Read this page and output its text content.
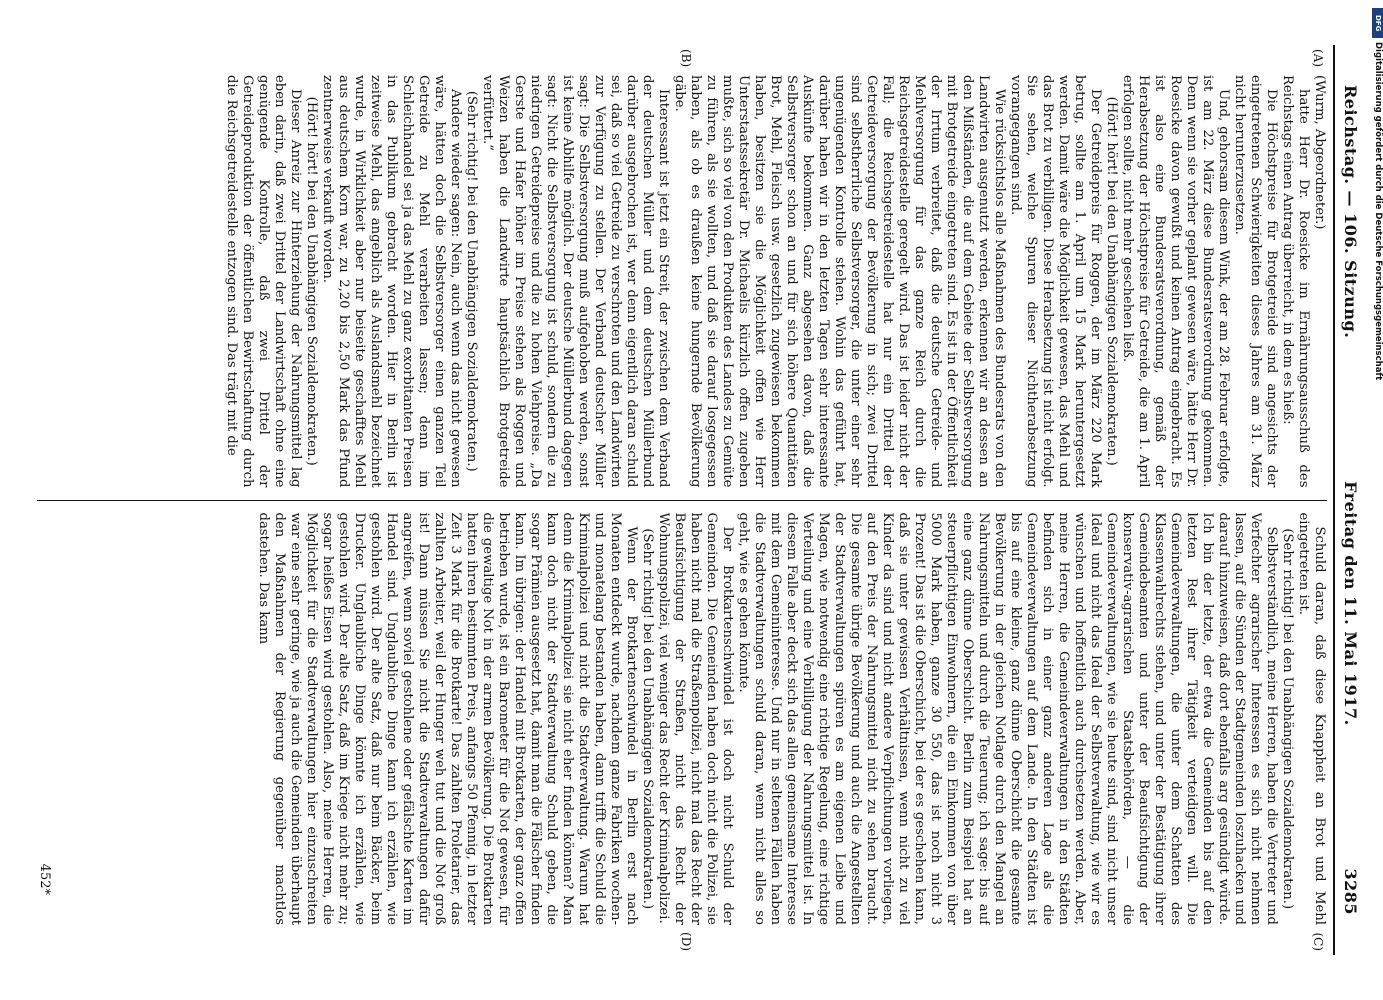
Reichstag. — 106. Sitzung.
Freitag den 11. Mai 1917.
3285
(A)
(B)
(C)
(D)

(Wurm, Abgeordneter.)

hatte Herr Dr. Roesicke im Ernährungsausschuß des Reichstags einen Antrag überreicht, in dem es hieß:

Die Höchstpreise für Brotgetreide sind angesichts der eingetretenen Schwierigkeiten dieses Jahres am 31. März nicht herunterzusetzen.

Und, gehorsam diesem Wink, der am 28. Februar erfolgte, ist am 22. März diese Bundesratsverordnung gekommen. Denn wenn sie vorher geplant gewesen wäre, hätte Herr Dr. Roesicke davon gewußt und keinen Antrag eingebracht. Es ist also eine Bundesratsverordnung, gemäß der Herabsetzung der Höchstpreise für Getreide, die am 1. April erfolgen sollte, nicht mehr geschehen ließ.

(Hört! hört! bei den Unabhängigen Sozialdemokraten.)

Der Getreidepreis für Roggen, der im März 220 Mark betrug, sollte am 1. April um 15 Mark heruntergesetzt werden. Damit wäre die Möglichkeit gewesen, das Mehl und das Brot zu verbilligen. Diese Herabsetzung ist nicht erfolgt. Sie sehen, welche Spuren dieser Nichtherabsetzung vorangegangen sind.

Wie rücksichtslos alle Maßnahmen des Bundesrats von den Landwirten ausgenutzt werden, erkennen wir an dessen an den Mißständen, die auf dem Gebiete der Selbstversorgung mit Brotgetreide eingetreten sind. Es ist in der Öffentlichkeit der Irrtum verbreitet, daß die deutsche Getreide- und Mehlversorgung für das ganze Reich durch die Reichsgetreidestelle geregelt wird. Das ist leider nicht der Fall; die Reichsgetreidestelle hat nur ein Drittel der Getreideversorgung der Bevölkerung in sich; zwei Drittel sind selbstherrliche Selbstversorger, die unter einer sehr ungenügenden Kontrolle stehen. Wohin das geführt hat, darüber haben wir in den letzten Tagen sehr interessante Auskünfte bekommen. Ganz abgesehen davon, daß die Selbstversorger schon an und für sich höhere Quantitäten Brot, Mehl, Fleisch usw. gesetzlich zugewiesen bekommen haben, besitzen sie die Möglichkeit offen wie Herr Unterstaatssekretär Dr. Michaelis kürzlich offen zugeben mußte, sich so viel von den Produkten des Landes zu Gemüte zu führen, als sie wollten, und daß sie darauf losgegessen haben, als ob es draußen keine hungernde Bevölkerung gäbe.

Interessant ist jetzt ein Streit, der zwischen dem Verband der deutschen Müller und dem deutschen Müllerbund darüber ausgebrochen ist, wer denn eigentlich daran schuld sei, daß so viel Getreide zu verschroten und den Landwirten zur Verfügung zu stellen. Der Verband deutscher Müller sagt: Die Selbstversorgung muß aufgehoben werden, sonst ist keine Abhilfe möglich. Der deutsche Müllerbund dagegen sagt: Nicht die Selbstversorgung ist schuld, sondern die zu niedrigen Getreidepreise und die zu hohen Viehpreise. „Da Gerste und Hafer höher im Preise stehen als Roggen und Weizen haben die Landwirte hauptsächlich Brotgetreide verfüttert.“

(Sehr richtig! bei den Unabhängigen Sozialdemokraten.)

Andere wieder sagen: Nein, auch wenn das nicht gewesen wäre, hätten doch die Selbstversorger einen ganzen Teil Getreide zu Mehl verarbeiten lassen; denn im Schleichhandel sei ja das Mehl zu ganz exorbitanten Preisen in das Publikum gebracht worden. Hier in Berlin ist zeitweise Mehl, das angeblich als Auslandsmehl bezeichnet wurde, in Wirklichkeit aber nur beiseite geschafftes Mehl aus deutschem Korn war, zu 2,20 bis 2,50 Mark das Pfund zentnerweise verkauft worden.

(Hört! hört! bei den Unabhängigen Sozialdemokraten.)

Dieser Anreiz zur Hinterziehung der Nahrungsmittel lag eben darin, daß zwei Drittel der Landwirtschaft ohne eine genügende Kontrolle, daß zwei Drittel der Getreideproduktion der öffentlichen Bewirtschaftung durch die Reichsgetreidestelle entzogen sind. Das trägt mit die

Schuld daran, daß diese Knappheit an Brot und Mehl eingetreten ist.

(Sehr richtig! bei den Unabhängigen Sozialdemokraten.)

Selbstverständlich, meine Herren, haben die Vertreter und Verfechter agrarischer Interessen es sich nicht nehmen lassen, auf die Sünden der Stadtgemeinden loszuhacken und darauf hinzuweisen, daß dort ebenfalls arg gesündigt würde. Ich bin der letzte, der etwa die Gemeinden bis auf den letzten Rest ihrer Tätigkeit verteidigen will. Die Gemeindeverwaltungen, die unter dem Schatten des Klassenwahlrechts stehen, und unter der Bestätigung ihrer Gemeindebeamten und unter der Beaufsichtigung der konservativ-agrarischen Staatsbehörden, — die Gemeindeverwaltungen, wie sie heute sind, sind nicht unser Ideal und nicht das Ideal der Selbstverwaltung, wie wir es wünschen und hoffentlich auch durchsetzen werden. Aber, meine Herren, die Gemeindeverwaltungen in den Städten befinden sich in einer ganz anderen Lage als die Gemeindeverwaltungen auf dem Lande. In den Städten ist bis auf eine kleine, ganz dünne Oberschicht die gesamte Bevölkerung in der gleichen Notlage durch den Mangel an Nahrungsmitteln und durch die Teuerung; ich sage: bis auf eine ganz dünne Oberschicht. Berlin zum Beispiel hat an steuerpflichtigen Einwohnern, die ein Einkommen von über 5000 Mark haben, ganze 30 550, das ist noch nicht 3 Prozent! Das ist die Oberschicht, bei der es geschehen kann, daß sie unter gewissen Verhältnissen, wenn nicht zu viel Kinder da sind und nicht andere Verpflichtungen vorliegen, auf den Preis der Nahrungsmittel nicht zu sehen braucht. Die gesamte übrige Bevölkerung und auch die Angestellten der Stadtverwaltungen spüren es am eigenen Leibe und Magen, wie notwendig eine richtige Regelung, eine richtige Verteilung und eine Verbilligung der Nahrungsmittel ist. In diesem Falle aber deckt sich das allen gemeinsame Interesse mit dem Gemeininteresse. Und nur in seltenen Fällen haben die Stadtverwaltungen schuld daran, wenn nicht alles so geht, wie es gehen könnte.

Der Brotkartenschwindel ist doch nicht Schuld der Gemeinden. Die Gemeinden haben doch nicht die Polizei, sie haben nicht mal die Straßenpolizei, nicht mal das Recht der Beaufsichtigung der Straßen, nicht das Recht der Wohnungspolizei, viel weniger das Recht der Kriminalpolizei.

(Sehr richtig! bei den Unabhängigen Sozialdemokraten.)

Wenn der Brotkartenschwindel in Berlin erst nach Monaten entdeckt wurde, nachdem ganze Fabriken wochen- und monatelang bestanden haben, dann trifft die Schuld die Kriminalpolizei und nicht die Stadtverwaltung. Warum hat denn die Kriminalpolizei sie nicht eher finden können? Man kann doch nicht der Stadtverwaltung Schuld geben, die sogar Prämien ausgesetzt hat, damit man die Fälscher finden kann. Im übrigen: der Handel mit Brotkarten, der ganz offen betrieben wurde, ist ein Barometer für die Not gewesen, für die gewaltige Not in der armen Bevölkerung. Die Brotkarten hatten ihren bestimmten Preis, anfangs 50 Pfennig, in letzter Zeit 3 Mark für die Brotkarte! Das zahlten Proletarier, das zahlten Arbeiter, weil der Hunger weh tut und die Not groß ist! Dann müssen Sie nicht die Stadtverwaltungen dafür angreifen, wenn soviel gestohlene oder gefälschte Karten im Handel sind. Unglaubliche Dinge kann ich erzählen, wie gestohlen wird. Der alte Satz, daß nur beim Bäcker, beim Drucker. Unglaubliche Dinge könnte ich erzählen, wie gestohlen wird. Der alte Satz, daß im Kriege nicht mehr zu; sogar heißes Eisen wird gestohlen. Also, meine Herren, die Möglichkeit für die Stadtverwaltungen hier einzuschreiten war eine sehr geringe, wie ja auch die Gemeinden überhaupt den Maßnahmen der Regierung gegenüber machtlos dastehen. Das kann

452*
DFG
Digitalisierung gefördert durch die Deutsche Forschungsgemeinschaft
